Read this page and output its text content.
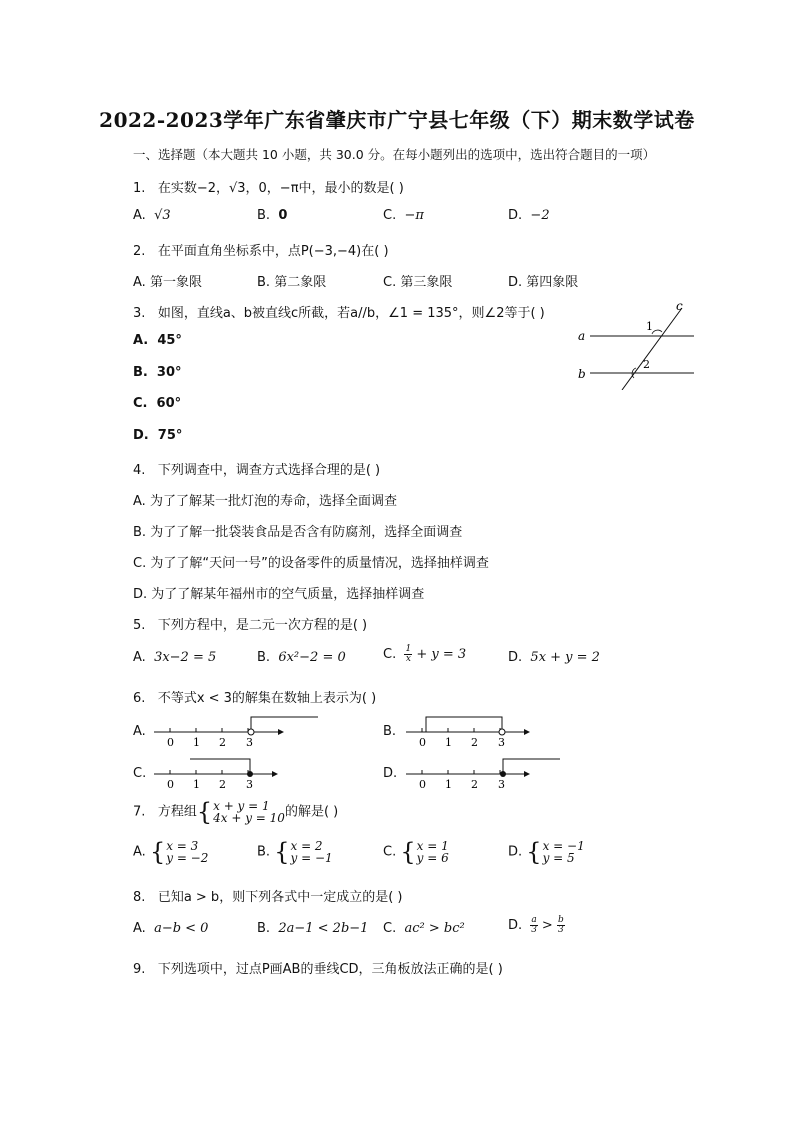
2022-2023学年广东省肇庆市广宁县七年级（下）期末数学试卷
一、选择题（本大题共 10 小题，共 30.0 分。在每小题列出的选项中，选出符合题目的一项）
1. 在实数−2，√3，0，−π中，最小的数是( )
A. √3	B. 0	C. −π	D. −2
2. 在平面直角坐标系中，点P(−3,−4)在( )
A. 第一象限	B. 第二象限	C. 第三象限	D. 第四象限
3. 如图，直线a、b被直线c所截，若a//b，∠1 = 135°，则∠2等于( )
A. 45°
B. 30°
C. 60°
D. 75°
a
b
c
1
2
4. 下列调查中，调查方式选择合理的是( )
A. 为了了解某一批灯泡的寿命，选择全面调查
B. 为了了解一批袋装食品是否含有防腐剂，选择全面调查
C. 为了了解“天问一号”的设备零件的质量情况，选择抽样调查
D. 为了了解某年福州市的空气质量，选择抽样调查
5. 下列方程中，是二元一次方程的是( )
A. 3x−2 = 5	B. 6x²−2 = 0	C. $\frac{1}{x} + y = 3$	D. 5x + y = 2
6. 不等式x < 3的解集在数轴上表示为( )
A.	B.
C.	D.
0 1 2 3	0 1 2 3
0 1 2 3	0 1 2 3
7. 方程组{ x + y = 1
4x + y = 10 的解是( )
A. { x = 3
y = −2	B. { x = 2
y = −1	C. { x = 1
y = 6	D. { x = −1
y = 5
8. 已知a > b，则下列各式中一定成立的是( )
A. a−b < 0	B. 2a−1 < 2b−1 C. ac² > bc²	D. $\frac{a}{3} > \frac{b}{3}$
9. 下列选项中，过点P画AB的垂线CD，三角板放法正确的是( )
